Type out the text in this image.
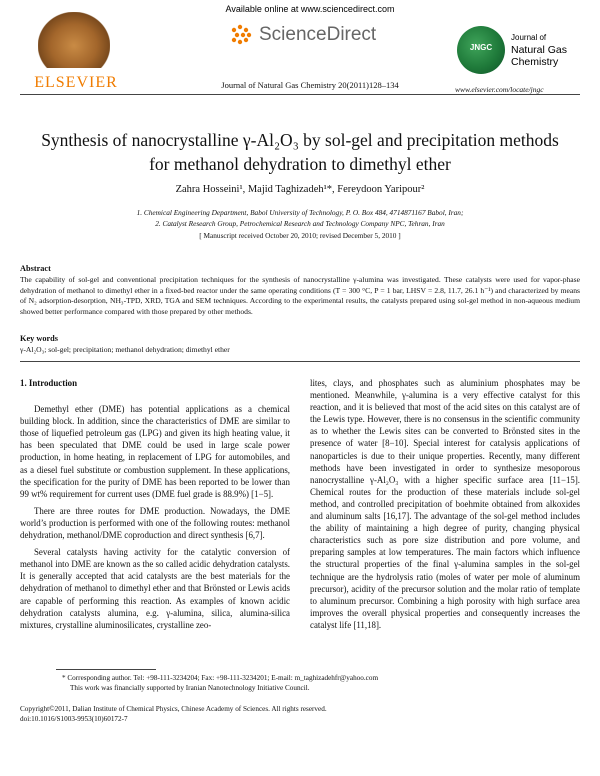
ELSEVIER
Available online at www.sciencedirect.com
ScienceDirect
Journal of Natural Gas Chemistry 20(2011)128–134
JNGC
Journal of
Natural Gas
Chemistry
www.elsevier.com/locate/jngc
Synthesis of nanocrystalline γ-Al₂O₃ by sol-gel and precipitation methods for methanol dehydration to dimethyl ether
Zahra Hosseini¹, Majid Taghizadeh¹*, Fereydoon Yaripour²
1. Chemical Engineering Department, Babol University of Technology, P. O. Box 484, 4714871167 Babol, Iran;
2. Catalyst Research Group, Petrochemical Research and Technology Company NPC, Tehran, Iran
[ Manuscript received October 20, 2010; revised December 5, 2010 ]
Abstract
The capability of sol-gel and conventional precipitation techniques for the synthesis of nanocrystalline γ-alumina was investigated. These catalysts were used for vapor-phase dehydration of methanol to dimethyl ether in a fixed-bed reactor under the same operating conditions (T = 300 °C, P = 1 bar, LHSV = 2.8, 11.7, 26.1 h⁻¹) and characterized by means of N₂ adsorption-desorption, NH₃-TPD, XRD, TGA and SEM techniques. According to the experimental results, the catalysts prepared using sol-gel method in non-aqueous medium showed better performance compared with those prepared by other methods.
Key words
γ-Al₂O₃; sol-gel; precipitation; methanol dehydration; dimethyl ether
1. Introduction

Demethyl ether (DME) has potential applications as a chemical building block. In addition, since the characteristics of DME are similar to those of liquefied petroleum gas (LPG) and given its high heating value, it has been speculated that DME could be used in large scale power production, in home heating, in replacement of LPG for automobiles, and as a diesel fuel substitute or combustion supplement. In these applications, the specification for the purity of DME has been reported to be lower than 99 wt% requirement for current uses (DME fuel grade is 88.9%) [1−5].

There are three routes for DME production. Nowadays, the DME world’s production is performed with one of the following routes: methanol dehydration, methanol/DME coproduction and direct synthesis [6,7].

Several catalysts having activity for the catalytic conversion of methanol into DME are known as the so called acidic dehydration catalysts. It is generally accepted that acid catalysts are the best materials for the dehydration of methanol to dimethyl ether and that Brönsted or Lewis acids are capable of performing this reaction. As examples of known acidic dehydration catalysts alumina, e.g. γ-alumina, silica, alumina-silica mixtures, crystalline aluminosilicates, crystalline zeo-

lites, clays, and phosphates such as aluminium phosphates may be mentioned. Meanwhile, γ-alumina is a very effective catalyst for this reaction, and it is believed that most of the acid sites on this catalyst are of the Lewis type. However, there is no consensus in the scientific community as to whether the Lewis sites can be converted to Brönsted sites in the presence of water [8−10]. Special interest for catalysis applications of nanoparticles is due to their unique properties. Recently, many different methods have been investigated in order to synthesize mesoporous nanocrystalline γ-Al₂O₃ with a higher specific surface area [11−15]. Chemical routes for the production of these materials include sol-gel method, and controlled precipitation of boehmite obtained from alkoxides and aluminum salts [16,17]. The advantage of the sol-gel method includes the ability of maintaining a high degree of purity, changing physical characteristics such as pore size distribution and pore volume, and preparing samples at low temperatures. The main factors which influence the structural properties of the final γ-alumina samples in the sol-gel technique are the hydrolysis ratio (moles of water per mole of aluminum precursor), acidity of the precursor solution and the molar ratio of template to aluminum precursor. Combining a high porosity with high surface area improves the overall physical properties and consequently increases the catalyst life [11,18].

* Corresponding author. Tel: +98-111-3234204; Fax: +98-111-3234201; E-mail: m_taghizadehfr@yahoo.com
This work was financially supported by Iranian Nanotechnology Initiative Council.
Copyright©2011, Dalian Institute of Chemical Physics, Chinese Academy of Sciences. All rights reserved.
doi:10.1016/S1003-9953(10)60172-7
